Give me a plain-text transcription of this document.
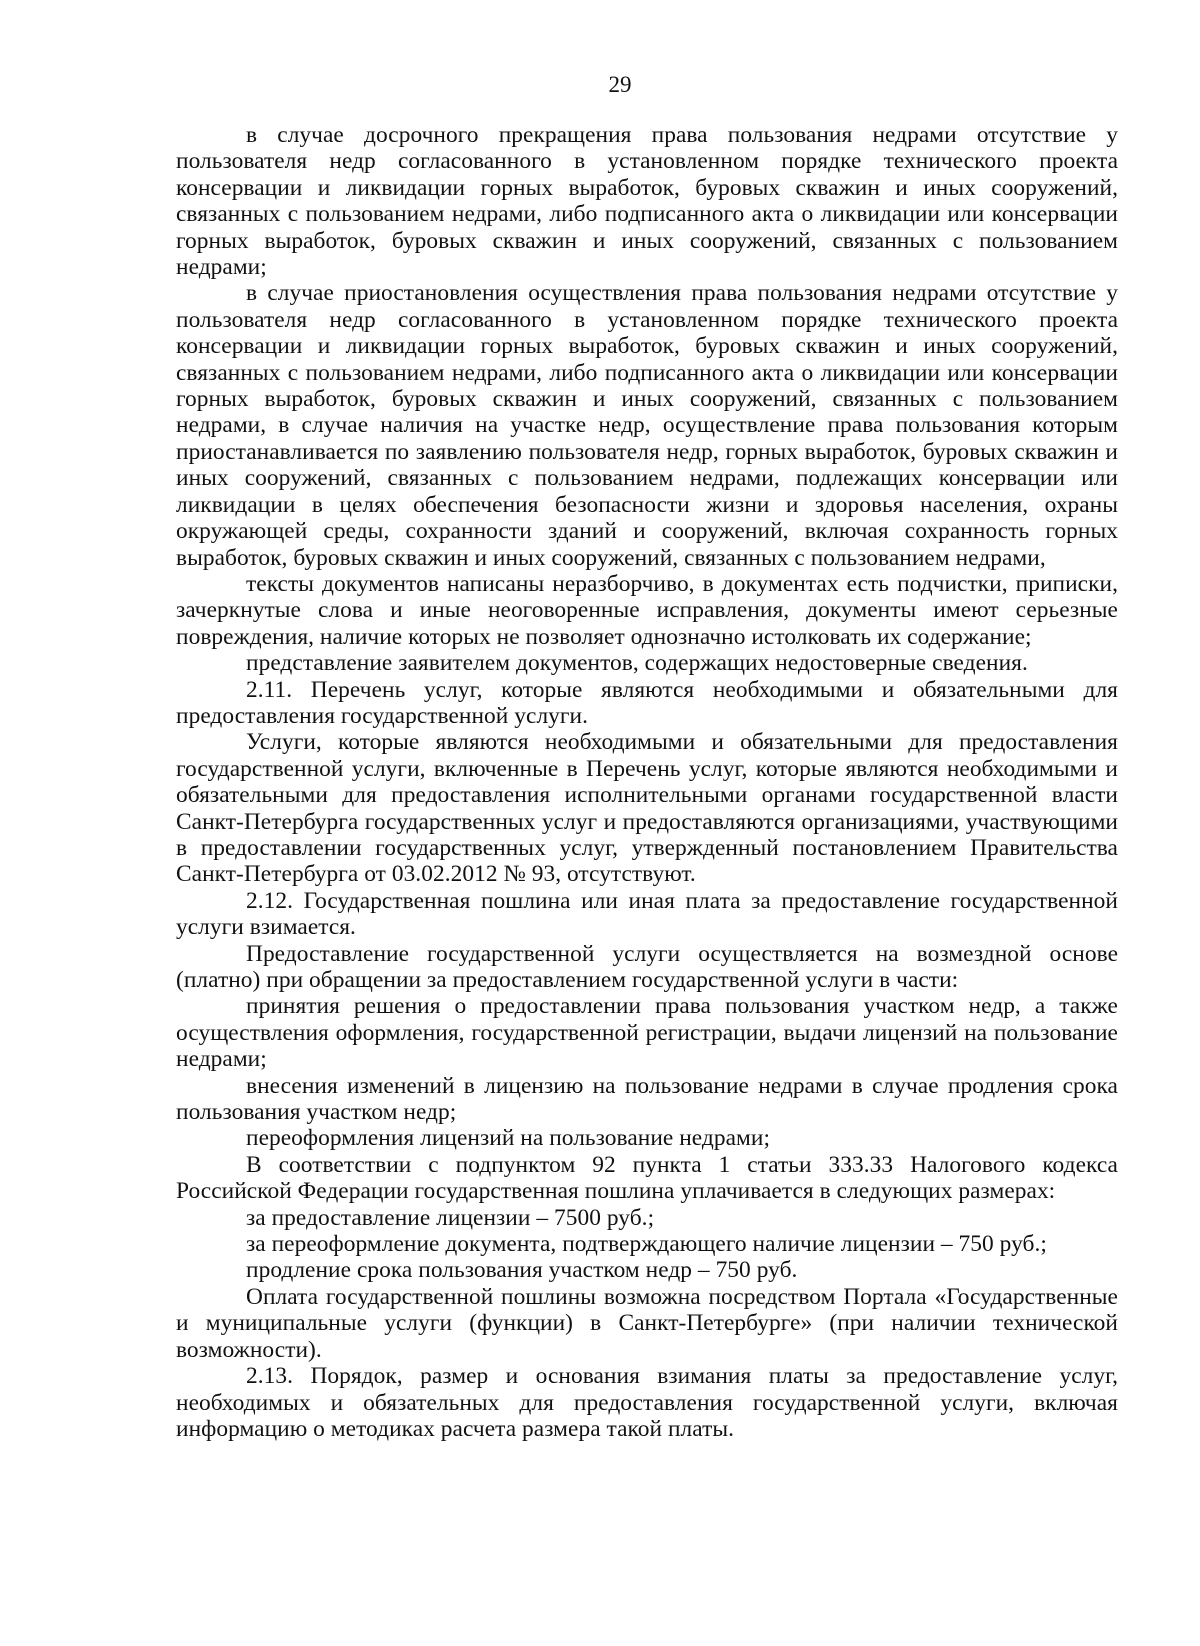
29

в случае досрочного прекращения права пользования недрами отсутствие у пользователя недр согласованного в установленном порядке технического проекта консервации и ликвидации горных выработок, буровых скважин и иных сооружений, связанных с пользованием недрами, либо подписанного акта о ликвидации или консервации горных выработок, буровых скважин и иных сооружений, связанных с пользованием недрами;

в случае приостановления осуществления права пользования недрами отсутствие у пользователя недр согласованного в установленном порядке технического проекта консервации и ликвидации горных выработок, буровых скважин и иных сооружений, связанных с пользованием недрами, либо подписанного акта о ликвидации или консервации горных выработок, буровых скважин и иных сооружений, связанных с пользованием недрами, в случае наличия на участке недр, осуществление права пользования которым приостанавливается по заявлению пользователя недр, горных выработок, буровых скважин и иных сооружений, связанных с пользованием недрами, подлежащих консервации или ликвидации в целях обеспечения безопасности жизни и здоровья населения, охраны окружающей среды, сохранности зданий и сооружений, включая сохранность горных выработок, буровых скважин и иных сооружений, связанных с пользованием недрами,

тексты документов написаны неразборчиво, в документах есть подчистки, приписки, зачеркнутые слова и иные неоговоренные исправления, документы имеют серьезные повреждения, наличие которых не позволяет однозначно истолковать их содержание;

представление заявителем документов, содержащих недостоверные сведения.

2.11. Перечень услуг, которые являются необходимыми и обязательными для предоставления государственной услуги.

Услуги, которые являются необходимыми и обязательными для предоставления государственной услуги, включенные в Перечень услуг, которые являются необходимыми и обязательными для предоставления исполнительными органами государственной власти Санкт-Петербурга государственных услуг и предоставляются организациями, участвующими в предоставлении государственных услуг, утвержденный постановлением Правительства Санкт-Петербурга от 03.02.2012 № 93, отсутствуют.

2.12. Государственная пошлина или иная плата за предоставление государственной услуги взимается.

Предоставление государственной услуги осуществляется на возмездной основе (платно) при обращении за предоставлением государственной услуги в части:

принятия решения о предоставлении права пользования участком недр, а также осуществления оформления, государственной регистрации, выдачи лицензий на пользование недрами;

внесения изменений в лицензию на пользование недрами в случае продления срока пользования участком недр;

переоформления лицензий на пользование недрами;

В соответствии с подпунктом 92 пункта 1 статьи 333.33 Налогового кодекса Российской Федерации государственная пошлина уплачивается в следующих размерах:

за предоставление лицензии – 7500 руб.;

за переоформление документа, подтверждающего наличие лицензии – 750 руб.;

продление срока пользования участком недр – 750 руб.

Оплата государственной пошлины возможна посредством Портала «Государственные и муниципальные услуги (функции) в Санкт-Петербурге» (при наличии технической возможности).

2.13. Порядок, размер и основания взимания платы за предоставление услуг, необходимых и обязательных для предоставления государственной услуги, включая информацию о методиках расчета размера такой платы.
